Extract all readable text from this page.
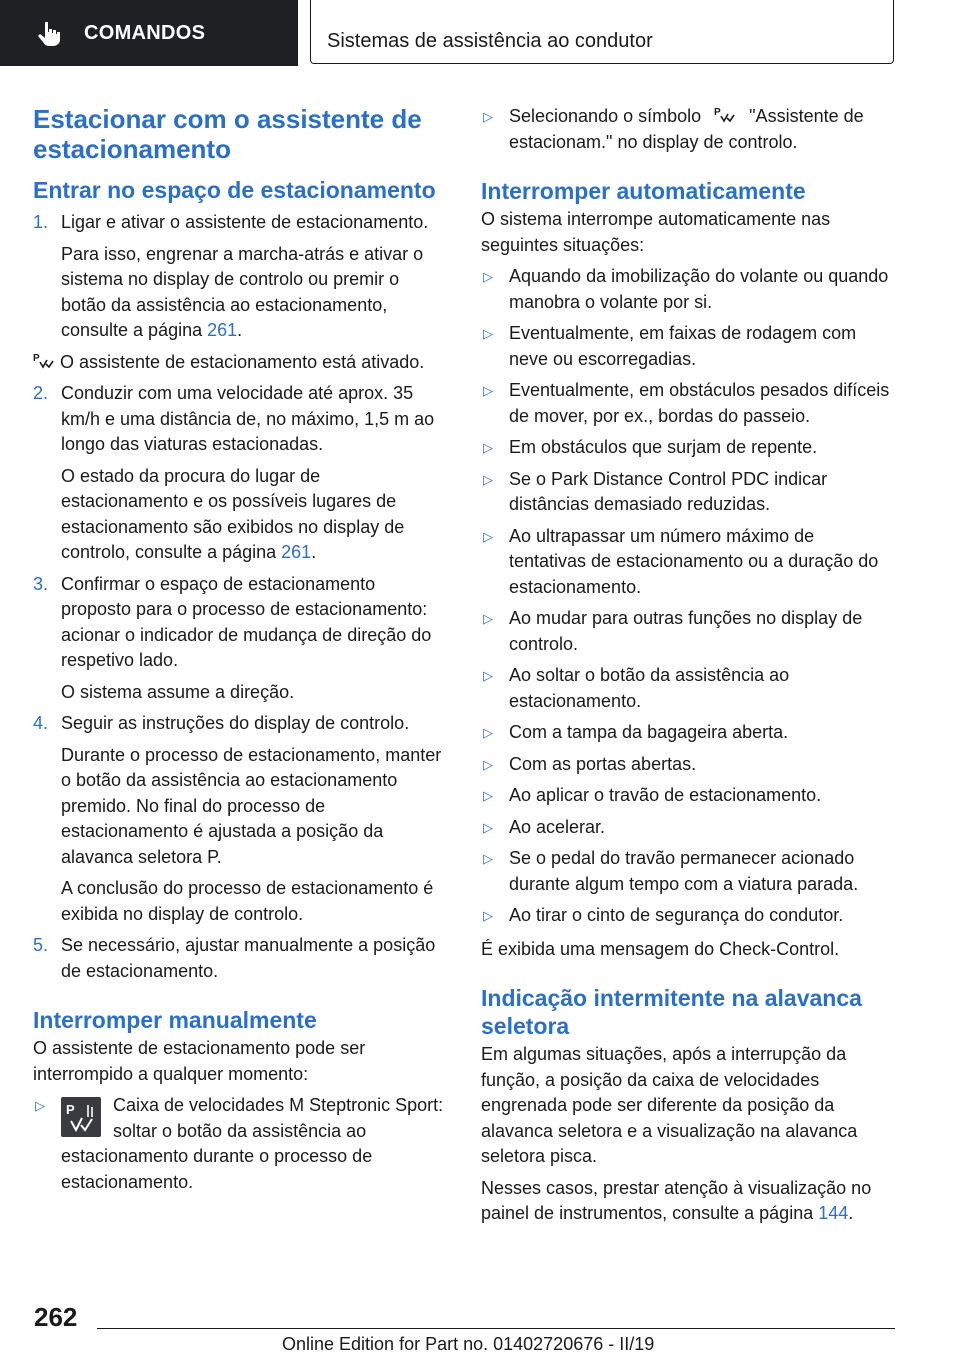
COMANDOS	Sistemas de assistência ao condutor
Estacionar com o assistente de estacionamento
Entrar no espaço de estacionamento
1. Ligar e ativar o assistente de estacionamento.

Para isso, engrenar a marcha-atrás e ativar o sistema no display de controlo ou premir o botão da assistência ao estacionamento, consulte a página 261.

P O assistente de estacionamento está ativado.

2. Conduzir com uma velocidade até aprox. 35 km/h e uma distância de, no máximo, 1,5 m ao longo das viaturas estacionadas.

O estado da procura do lugar de estacionamento e os possíveis lugares de estacionamento são exibidos no display de controlo, consulte a página 261.

3. Confirmar o espaço de estacionamento proposto para o processo de estacionamento: acionar o indicador de mudança de direção do respetivo lado.

O sistema assume a direção.

4. Seguir as instruções do display de controlo.

Durante o processo de estacionamento, manter o botão da assistência ao estacionamento premido. No final do processo de estacionamento é ajustada a posição da alavanca seletora P.

A conclusão do processo de estacionamento é exibida no display de controlo.

5. Se necessário, ajustar manualmente a posição de estacionamento.

Interromper manualmente

O assistente de estacionamento pode ser interrompido a qualquer momento:

▷	P	Caixa de velocidades M Steptronic Sport: soltar o botão da assistência ao estacionamento durante o processo de estacionamento.

▷ Selecionando o símbolo P "Assistente de estacionam." no display de controlo.

Interromper automaticamente

O sistema interrompe automaticamente nas seguintes situações:

▷ Aquando da imobilização do volante ou quando manobra o volante por si.

▷ Eventualmente, em faixas de rodagem com neve ou escorregadias.

▷ Eventualmente, em obstáculos pesados difíceis de mover, por ex., bordas do passeio.

▷ Em obstáculos que surjam de repente.

▷ Se o Park Distance Control PDC indicar distâncias demasiado reduzidas.

▷ Ao ultrapassar um número máximo de tentativas de estacionamento ou a duração do estacionamento.

▷ Ao mudar para outras funções no display de controlo.

▷ Ao soltar o botão da assistência ao estacionamento.

▷ Com a tampa da bagageira aberta.

▷ Com as portas abertas.

▷ Ao aplicar o travão de estacionamento.

▷ Ao acelerar.

▷ Se o pedal do travão permanecer acionado durante algum tempo com a viatura parada.

▷ Ao tirar o cinto de segurança do condutor.

É exibida uma mensagem do Check-Control.

Indicação intermitente na alavanca seletora

Em algumas situações, após a interrupção da função, a posição da caixa de velocidades engrenada pode ser diferente da posição da alavanca seletora e a visualização na alavanca seletora pisca.

Nesses casos, prestar atenção à visualização no painel de instrumentos, consulte a página 144.

262
Online Edition for Part no. 01402720676 - II/19
